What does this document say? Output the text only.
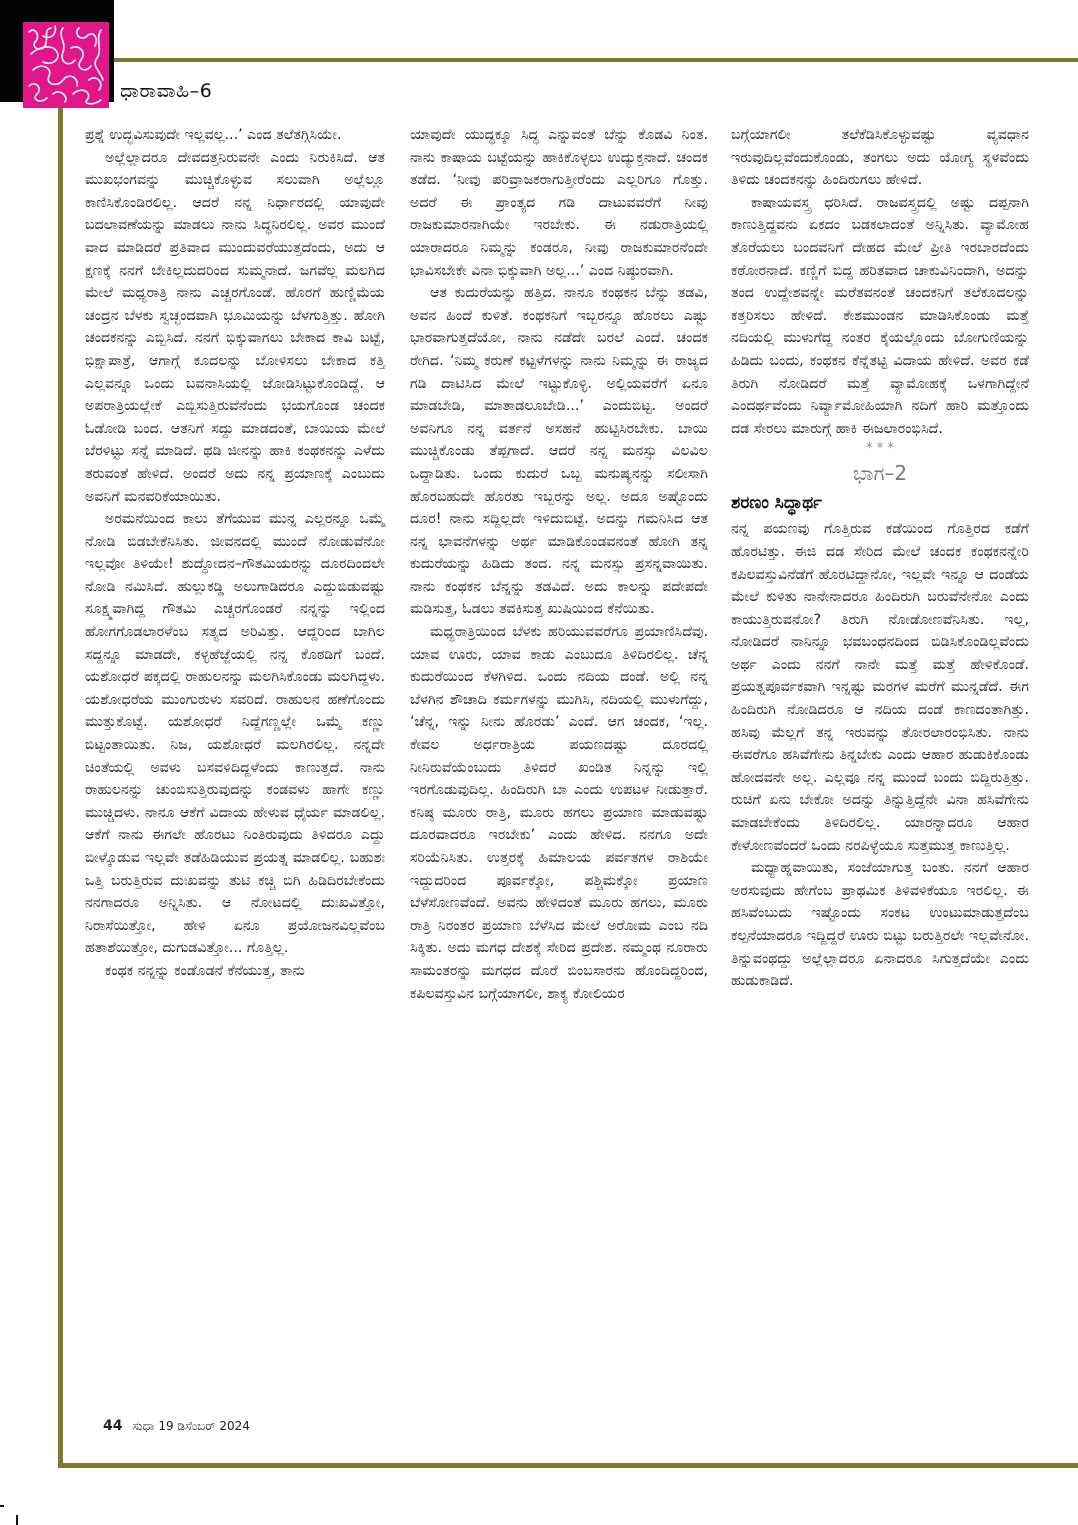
ಧಾರಾವಾಹಿ–6

ಪ್ರಶ್ನೆ ಉದ್ಭವಿಸುವುದೇ ಇಲ್ಲವಲ್ಲ...’ ಎಂದ ತಲೆತಗ್ಗಿಸಿಯೇ.

ಅಲ್ಲೆಲ್ಲಾದರೂ ದೇವದತ್ತನಿರುವನೇ ಎಂದು ನಿರುಕಿಸಿದೆ. ಆತ ಮುಖಭಂಗವನ್ನು ಮುಚ್ಚಿಕೊಳ್ಳುವ ಸಲುವಾಗಿ ಅಲ್ಲೆಲ್ಲೂ ಕಾಣಿಸಿಕೊಂಡಿರಲಿಲ್ಲ. ಆದರೆ ನನ್ನ ನಿರ್ಧಾರದಲ್ಲಿ ಯಾವುದೇ ಬದಲಾವಣೆಯನ್ನು ಮಾಡಲು ನಾನು ಸಿದ್ಧನಿರಲಿಲ್ಲ. ಅವರ ಮುಂದೆ ವಾದ ಮಾಡಿದರೆ ಪ್ರತಿವಾದ ಮುಂದುವರೆಯುತ್ತದೆಂದು, ಅದು ಆ ಕ್ಷಣಕ್ಕೆ ನನಗೆ ಬೇಕಿಲ್ಲದುದರಿಂದ ಸುಮ್ಮನಾದೆ. ಜಗವೆಲ್ಲ ಮಲಗಿದ ಮೇಲೆ ಮಧ್ಯರಾತ್ರಿ ನಾನು ಎಚ್ಚರಗೊಂಡೆ. ಹೊರಗೆ ಹುಣ್ಣಿಮೆಯ ಚಂದ್ರನ ಬೆಳಕು ಸ್ವಚ್ಛಂದವಾಗಿ ಭೂಮಿಯನ್ನು ಬೆಳಗುತ್ತಿತ್ತು. ಹೋಗಿ ಚಂದಕನನ್ನು ಎಬ್ಬಿಸಿದೆ. ನನಗೆ ಭಿಕ್ಕುವಾಗಲು ಬೇಕಾದ ಕಾವಿ ಬಟ್ಟೆ, ಭಿಕ್ಷಾಪಾತ್ರೆ, ಆಗಾಗ್ಗೆ ಕೂದಲನ್ನು ಬೋಳಿಸಲು ಬೇಕಾದ ಕತ್ತಿ ಎಲ್ಲವನ್ನೂ ಒಂದು ಬವನಾಸಿಯಲ್ಲಿ ಜೋಡಿಸಿಟ್ಟುಕೊಂಡಿದ್ದೆ. ಆ ಅಪರಾತ್ರಿಯಲ್ಲೇಕೆ ಎಬ್ಬಿಸುತ್ತಿರುವೆನೆಂದು ಭಯಗೊಂಡ ಚಂದಕ ಓಡೋಡಿ ಬಂದ. ಆತನಿಗೆ ಸದ್ದು ಮಾಡದಂತೆ, ಬಾಯಿಯ ಮೇಲೆ ಬೆರಳಿಟ್ಟು ಸನ್ನೆ ಮಾಡಿದೆ. ಥಡಿ ಜೀನನ್ನು ಹಾಕಿ ಕಂಥಕನನ್ನು ಎಳೆದು ತರುವಂತೆ ಹೇಳಿದೆ. ಅಂದರೆ ಅದು ನನ್ನ ಪ್ರಯಾಣಕ್ಕೆ ಎಂಬುದು ಅವನಿಗೆ ಮನವರಿಕೆಯಾಯಿತು.

ಅರಮನೆಯಿಂದ ಕಾಲು ತೆಗೆಯುವ ಮುನ್ನ ಎಲ್ಲರನ್ನೂ ಒಮ್ಮೆ ನೋಡಿ ಬಿಡಬೇಕೆನಿಸಿತು. ಜೀವನದಲ್ಲಿ ಮುಂದೆ ನೋಡುವೆನೋ ಇಲ್ಲವೋ ತಿಳಿಯೇ! ಶುದ್ಧೋದನ–ಗೌತಮಿಯರನ್ನು ದೂರದಿಂದಲೇ ನೋಡಿ ನಮಿಸಿದೆ. ಹುಲ್ಲುಕಡ್ಡಿ ಅಲುಗಾಡಿದರೂ ಎದ್ದುಬಿಡುವಷ್ಟು ಸೂಕ್ಷ್ಮವಾಗಿದ್ದ ಗೌತಮಿ ಎಚ್ಚರಗೊಂಡರೆ ನನ್ನನ್ನು ಇಲ್ಲಿಂದ ಹೋಗಗೊಡಲಾರಳೆಂಬ ಸತ್ಯದ ಅರಿವಿತ್ತು. ಆದ್ದರಿಂದ ಬಾಗಿಲ ಸದ್ದನ್ನೂ ಮಾಡದೇ, ಕಳ್ಳಹೆಜ್ಜೆಯಲ್ಲಿ ನನ್ನ ಕೊಠಡಿಗೆ ಬಂದೆ. ಯಶೋಧರೆ ಪಕ್ಕದಲ್ಲಿ ರಾಹುಲನನ್ನು ಮಲಗಿಸಿಕೊಂಡು ಮಲಗಿದ್ದಳು. ಯಶೋಧರೆಯ ಮುಂಗುರುಳು ಸವರಿದೆ. ರಾಹುಲನ ಹಣೆಗೊಂದು ಮುತ್ತುಕೊಟ್ಟೆ. ಯಶೋಧರೆ ನಿದ್ದೆಗಣ್ಣಲ್ಲೇ ಒಮ್ಮೆ ಕಣ್ಣು ಬಿಟ್ಟಂತಾಯಿತು. ನಿಜ, ಯಶೋಧರೆ ಮಲಗಿರಲಿಲ್ಲ. ನನ್ನದೇ ಚಿಂತೆಯಲ್ಲಿ ಅವಳು ಬಸವಳಿದಿದ್ದಳೆಂದು ಕಾಣುತ್ತದೆ. ನಾನು ರಾಹುಲನನ್ನು ಚುಂಬಿಸುತ್ತಿರುವುದನ್ನು ಕಂಡವಳು ಹಾಗೇ ಕಣ್ಣು ಮುಚ್ಚಿದಳು. ನಾನೂ ಆಕೆಗೆ ವಿದಾಯ ಹೇಳುವ ಧೈರ್ಯ ಮಾಡಲಿಲ್ಲ. ಆಕೆಗೆ ನಾನು ಈಗಲೇ ಹೊರಟು ನಿಂತಿರುವುದು ತಿಳಿದರೂ ಎದ್ದು ಬೀಳ್ಕೊಡುವ ಇಲ್ಲವೇ ತಡೆಹಿಡಿಯುವ ಪ್ರಯತ್ನ ಮಾಡಲಿಲ್ಲ. ಬಹುಶಃ ಒತ್ತಿ ಬರುತ್ತಿರುವ ದುಃಖವನ್ನು ತುಟಿ ಕಚ್ಚಿ ಬಿಗಿ ಹಿಡಿದಿರಬೇಕೆಂದು ನನಗಾದರೂ ಅನ್ನಿಸಿತು. ಆ ನೋಟದಲ್ಲಿ ದುಃಖವಿತ್ತೋ, ನಿರಾಸೆಯಿತ್ತೋ, ಹೇಳಿ ಏನೂ ಪ್ರಯೋಜನವಿಲ್ಲವೆಂಬ ಹತಾಶೆಯಿತ್ತೋ, ದುಗುಡವಿತ್ತೋ... ಗೊತ್ತಿಲ್ಲ.

ಕಂಥಕ ನನ್ನನ್ನು ಕಂಡೊಡನೆ ಕೆನೆಯುತ್ತ, ತಾನು

ಯಾವುದೇ ಯುದ್ಧಕ್ಕೂ ಸಿದ್ಧ ಎನ್ನುವಂತೆ ಬೆನ್ನು ಕೊಡವಿ ನಿಂತ. ನಾನು ಕಾಷಾಯ ಬಟ್ಟೆಯನ್ನು ಹಾಕಿಕೊಳ್ಳಲು ಉದ್ಯುಕ್ತನಾದೆ. ಚಂದಕ ತಡೆದ. ‘ನೀವು ಪರಿವ್ರಾಜಕರಾಗುತ್ತೀರೆಂದು ಎಲ್ಲರಿಗೂ ಗೊತ್ತು. ಅದರೆ ಈ ಪ್ರಾಂತ್ಯದ ಗಡಿ ದಾಟುವವರೆಗೆ ನೀವು ರಾಜಕುಮಾರನಾಗಿಯೇ ಇರಬೇಕು. ಈ ನಡುರಾತ್ರಿಯಲ್ಲಿ ಯಾರಾದರೂ ನಿಮ್ಮನ್ನು ಕಂಡರೂ, ನೀವು ರಾಜಕುಮಾರನೆಂದೇ ಭಾವಿಸಬೇಕೇ ವಿನಾ ಭಿಕ್ಕುವಾಗಿ ಅಲ್ಲ...’ ಎಂದ ನಿಷ್ಠುರವಾಗಿ.

ಆತ ಕುದುರೆಯನ್ನು ಹತ್ತಿದ. ನಾನೂ ಕಂಥಕನ ಬೆನ್ನು ತಡವಿ, ಅವನ ಹಿಂದೆ ಕುಳಿತೆ. ಕಂಥಕನಿಗೆ ಇಬ್ಬರನ್ನೂ ಹೊರಲು ಎಷ್ಟು ಭಾರವಾಗುತ್ತದೆಯೋ, ನಾನು ನಡೆದೇ ಬರಲೆ ಎಂದೆ. ಚಂದಕ ರೇಗಿದ. ‘ನಿಮ್ಮ ಕರುಣೆ ಕಟ್ಟಳೆಗಳನ್ನು ನಾನು ನಿಮ್ಮನ್ನು ಈ ರಾಜ್ಯದ ಗಡಿ ದಾಟಿಸಿದ ಮೇಲೆ ಇಟ್ಟುಕೊಳ್ಳಿ. ಅಲ್ಲಿಯವರೆಗೆ ಏನೂ ಮಾಡಬೇಡಿ, ಮಾತಾಡಲೂಬೇಡಿ...’ ಎಂದುಬಿಟ್ಟ. ಅಂದರೆ ಅವನಿಗೂ ನನ್ನ ವರ್ತನೆ ಅಸಹನೆ ಹುಟ್ಟಿಸಿರಬೇಕು. ಬಾಯಿ ಮುಚ್ಚಿಕೊಂಡು ತೆಪ್ಪಗಾದೆ. ಆದರೆ ನನ್ನ ಮನಸ್ಸು ವಿಲವಿಲ ಒದ್ದಾಡಿತು. ಒಂದು ಕುದುರೆ ಒಬ್ಬ ಮನುಷ್ಯನನ್ನು ಸಲೀಸಾಗಿ ಹೊರಬಹುದೇ ಹೊರತು ಇಬ್ಬರನ್ನು ಅಲ್ಲ. ಅದೂ ಅಷ್ಟೊಂದು ದೂರ! ನಾನು ಸದ್ದಿಲ್ಲದೇ ಇಳಿದುಬಿಟ್ಟೆ. ಅದನ್ನು ಗಮನಿಸಿದ ಆತ ನನ್ನ ಭಾವನೆಗಳನ್ನು ಅರ್ಥ ಮಾಡಿಕೊಂಡವನಂತೆ ಹೋಗಿ ತನ್ನ ಕುದುರೆಯನ್ನು ಹಿಡಿದು ತಂದ. ನನ್ನ ಮನಸ್ಸು ಪ್ರಸನ್ನವಾಯಿತು. ನಾನು ಕಂಥಕನ ಬೆನ್ನನ್ನು ತಡವಿದೆ. ಅದು ಕಾಲನ್ನು ಪದೇಪದೇ ಮಡಿಸುತ್ತ, ಓಡಲು ತವಕಿಸುತ್ತ ಖುಷಿಯಿಂದ ಕೆನೆಯಿತು.

ಮಧ್ಯರಾತ್ರಿಯಿಂದ ಬೆಳಕು ಹರಿಯುವವರೆಗೂ ಪ್ರಯಾಣಿಸಿದೆವು. ಯಾವ ಊರು, ಯಾವ ಕಾಡು ಎಂಬುದೂ ತಿಳಿದಿರಲಿಲ್ಲ. ಚೆನ್ನ ಕುದುರೆಯಿಂದ ಕೆಳಗಿಳಿದ. ಒಂದು ನದಿಯ ದಂಡೆ. ಅಲ್ಲಿ ನನ್ನ ಬೆಳಗಿನ ಶೌಚಾದಿ ಕರ್ಮಗಳನ್ನು ಮುಗಿಸಿ, ನದಿಯಲ್ಲಿ ಮುಳುಗೆದ್ದು, ‘ಚೆನ್ನ, ಇನ್ನು ನೀನು ಹೊರಡು’ ಎಂದೆ. ಆಗ ಚಂದಕ, ‘ಇಲ್ಲ. ಕೇವಲ ಅರ್ಧರಾತ್ರಿಯ ಪಯಣದಷ್ಟು ದೂರದಲ್ಲಿ ನೀನಿರುವೆಯೆಂಬುದು ತಿಳಿದರೆ ಖಂಡಿತ ನಿನ್ನನ್ನು ಇಲ್ಲಿ ಇರಗೊಡುವುದಿಲ್ಲ. ಹಿಂದಿರುಗಿ ಬಾ ಎಂದು ಉಪಟಳ ನೀಡುತ್ತಾರೆ. ಕನಿಷ್ಠ ಮೂರು ರಾತ್ರಿ, ಮೂರು ಹಗಲು ಪ್ರಯಾಣ ಮಾಡುವಷ್ಟು ದೂರವಾದರೂ ಇರಬೇಕು’ ಎಂದು ಹೇಳಿದ. ನನಗೂ ಅದೇ ಸರಿಯೆನಿಸಿತು. ಉತ್ತರಕ್ಕೆ ಹಿಮಾಲಯ ಪರ್ವತಗಳ ರಾಶಿಯೇ ಇದ್ದುದರಿಂದ ಪೂರ್ವಕ್ಕೋ, ಪಶ್ಚಿಮಕ್ಕೋ ಪ್ರಯಾಣ ಬೆಳೆಸೋಣವೆಂದೆ. ಅವನು ಹೇಳಿದಂತೆ ಮೂರು ಹಗಲು, ಮೂರು ರಾತ್ರಿ ನಿರಂತರ ಪ್ರಯಾಣ ಬೆಳೆಸಿದ ಮೇಲೆ ಅರೋಮ ಎಂಬ ನದಿ ಸಿಕ್ಕಿತು. ಅದು ಮಗಧ ದೇಶಕ್ಕೆ ಸೇರಿದ ಪ್ರದೇಶ. ನಮ್ಮಂಥ ನೂರಾರು ಸಾಮಂತರನ್ನು ಮಗಧದ ದೊರೆ ಬಿಂಬಸಾರನು ಹೊಂದಿದ್ದರಿಂದ, ಕಪಿಲವಸ್ತುವಿನ ಬಗ್ಗೆಯಾಗಲೀ, ಶಾಕ್ಯ ಕೋಲಿಯರ

ಬಗ್ಗೆಯಾಗಲೀ ತಲೆಕೆಡಿಸಿಕೊಳ್ಳುವಷ್ಟು ವ್ಯವಧಾನ ಇರುವುದಿಲ್ಲವೆಂದುಕೊಂಡು, ತಂಗಲು ಅದು ಯೋಗ್ಯ ಸ್ಥಳವೆಂದು ತಿಳಿದು ಚಂದಕನನ್ನು ಹಿಂದಿರುಗಲು ಹೇಳಿದೆ.

ಕಾಷಾಯವಸ್ತ್ರ ಧರಿಸಿದೆ. ರಾಜವಸ್ತ್ರದಲ್ಲಿ ಅಷ್ಟು ದಪ್ಪನಾಗಿ ಕಾಣುತ್ತಿದ್ದವನು ಏಕದಂ ಬಡಕಲಾದಂತೆ ಅನ್ನಿಸಿತು. ವ್ಯಾಮೋಹ ತೊರೆಯಲು ಬಂದವನಿಗೆ ದೇಹದ ಮೇಲೆ ಪ್ರೀತಿ ಇರಬಾರದೆಂದು ಕಠೋರನಾದೆ. ಕಣ್ಣಿಗೆ ಬಿದ್ದ ಹರಿತವಾದ ಚಾಕುವಿನಿಂದಾಗಿ, ಅದನ್ನು ತಂದ ಉದ್ದೇಶವನ್ನೇ ಮರೆತವನಂತೆ ಚಂದಕನಿಗೆ ತಲೆಕೂದಲನ್ನು ಕತ್ತರಿಸಲು ಹೇಳಿದೆ. ಕೇಶಮುಂಡನ ಮಾಡಿಸಿಕೊಂಡು ಮತ್ತೆ ನದಿಯಲ್ಲಿ ಮುಳುಗೆದ್ದ ನಂತರ ಕೈಯಲ್ಲೊಂದು ಬೋಗುಣಿಯನ್ನು ಹಿಡಿದು ಬಂದು, ಕಂಥಕನ ಕೆನ್ನೆತಟ್ಟಿ ವಿದಾಯ ಹೇಳಿದೆ. ಅವರ ಕಡೆ ತಿರುಗಿ ನೋಡಿದರೆ ಮತ್ತೆ ವ್ಯಾಮೋಹಕ್ಕೆ ಒಳಗಾಗಿದ್ದೇನೆ ಎಂದರ್ಥವೆಂದು ನಿರ್ವ್ಯಾಮೋಹಿಯಾಗಿ ನದಿಗೆ ಹಾರಿ ಮತ್ತೊಂದು ದಡ ಸೇರಲು ಮಾರುಗ್ಗೆ ಹಾಕಿ ಈಜಲಾರಂಭಿಸಿದೆ.

* * *

ಭಾಗ–2

ಶರಣಂ ಸಿದ್ಧಾರ್ಥ

ನನ್ನ ಪಯಣವು ಗೊತ್ತಿರುವ ಕಡೆಯಿಂದ ಗೊತ್ತಿರದ ಕಡೆಗೆ ಹೊರಟಿತ್ತು. ಈಜಿ ದಡ ಸೇರಿದ ಮೇಲೆ ಚಂದಕ ಕಂಥಕನನ್ನೇರಿ ಕಪಿಲವಸ್ತುವಿನೆಡೆಗೆ ಹೊರಟಿದ್ದಾನೋ, ಇಲ್ಲವೇ ಇನ್ನೂ ಆ ದಂಡೆಯ ಮೇಲೆ ಕುಳಿತು ನಾನೇನಾದರೂ ಹಿಂದಿರುಗಿ ಬರುವೆನೇನೋ ಎಂದು ಕಾಯುತ್ತಿರುವನೋ? ತಿರುಗಿ ನೋಡೋಣವೆನಿಸಿತು. ಇಲ್ಲ, ನೋಡಿದರೆ ನಾನಿನ್ನೂ ಭವಬಂಧನದಿಂದ ಬಿಡಿಸಿಕೊಂಡಿಲ್ಲವೆಂದು ಅರ್ಥ ಎಂದು ನನಗೆ ನಾನೇ ಮತ್ತೆ ಮತ್ತೆ ಹೇಳಿಕೊಂಡೆ. ಪ್ರಯತ್ನಪೂರ್ವಕವಾಗಿ ಇನ್ನಷ್ಟು ಮರಗಳ ಮರೆಗೆ ಮುನ್ನಡೆದೆ. ಈಗ ಹಿಂದಿರುಗಿ ನೋಡಿದರೂ ಆ ನದಿಯ ದಂಡೆ ಕಾಣದಂತಾಗಿತ್ತು. ಹಸಿವು ಮೆಲ್ಲಗೆ ತನ್ನ ಇರುವನ್ನು ತೋರಲಾರಂಭಿಸಿತು. ನಾನು ಈವರೆಗೂ ಹಸಿವೆಗೇನು ತಿನ್ನಬೇಕು ಎಂದು ಆಹಾರ ಹುಡುಕಿಕೊಂಡು ಹೋದವನೇ ಅಲ್ಲ. ಎಲ್ಲವೂ ನನ್ನ ಮುಂದೆ ಬಂದು ಬಿದ್ದಿರುತ್ತಿತ್ತು. ರುಚಿಗೆ ಏನು ಬೇಕೋ ಅದನ್ನು ತಿನ್ನುತ್ತಿದ್ದೆನೇ ವಿನಾ ಹಸಿವೆಗೇನು ಮಾಡಬೇಕೆಂದು ತಿಳಿದಿರಲಿಲ್ಲ. ಯಾರನ್ನಾದರೂ ಆಹಾರ ಕೇಳೋಣವೆಂದರೆ ಒಂದು ನರಪಿಳ್ಳೆಯೂ ಸುತ್ತಮುತ್ತ ಕಾಣುತ್ತಿಲ್ಲ.

ಮಧ್ಯಾಹ್ನವಾಯಿತು, ಸಂಜೆಯಾಗುತ್ತ ಬಂತು. ನನಗೆ ಆಹಾರ ಅರಸುವುದು ಹೇಗೆಂಬ ಪ್ರಾಥಮಿಕ ತಿಳಿವಳಿಕೆಯೂ ಇರಲಿಲ್ಲ. ಈ ಹಸಿವೆಂಬುದು ಇಷ್ಟೊಂದು ಸಂಕಟ ಉಂಟುಮಾಡುತ್ತದೆಂಬ ಕಲ್ಪನೆಯಾದರೂ ಇದ್ದಿದ್ದರೆ ಊರು ಬಿಟ್ಟು ಬರುತ್ತಿರಲೇ ಇಲ್ಲವೇನೋ. ತಿನ್ನುವಂಥದ್ದು ಅಲ್ಲೆಲ್ಲಾದರೂ ಏನಾದರೂ ಸಿಗುತ್ತದೆಯೇ ಎಂದು ಹುಡುಕಾಡಿದೆ.

44 ಸುಧಾ 19 ಡಿಸೆಂಬರ್ 2024
